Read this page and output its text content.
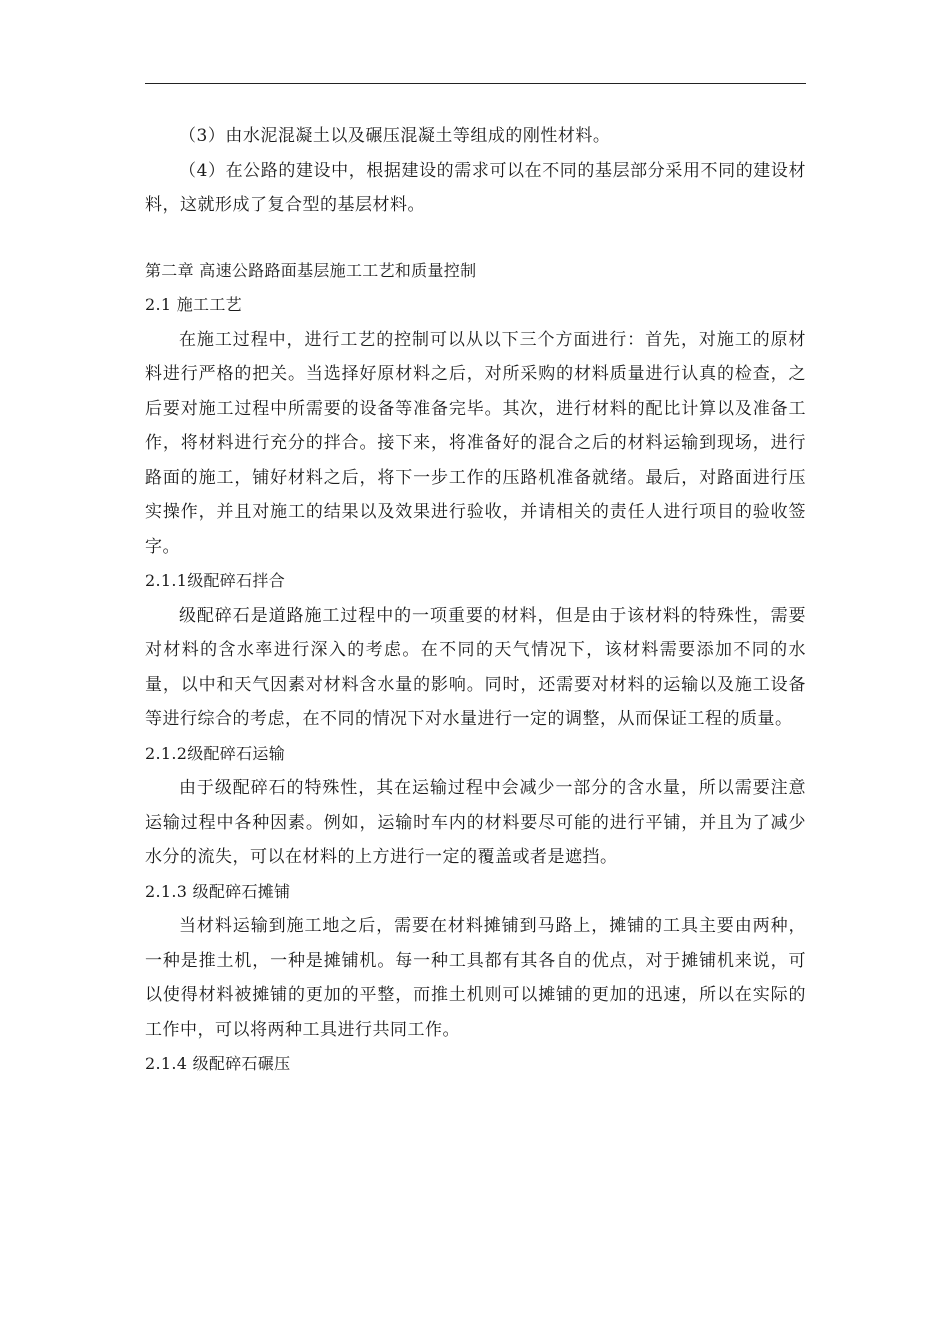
（3）由水泥混凝土以及碾压混凝土等组成的刚性材料。
（4）在公路的建设中，根据建设的需求可以在不同的基层部分采用不同的建设材料，这就形成了复合型的基层材料。
第二章 高速公路路面基层施工工艺和质量控制
2.1 施工工艺
在施工过程中，进行工艺的控制可以从以下三个方面进行：首先，对施工的原材料进行严格的把关。当选择好原材料之后，对所采购的材料质量进行认真的检查，之后要对施工过程中所需要的设备等准备完毕。其次，进行材料的配比计算以及准备工作，将材料进行充分的拌合。接下来，将准备好的混合之后的材料运输到现场，进行路面的施工，铺好材料之后，将下一步工作的压路机准备就绪。最后，对路面进行压实操作，并且对施工的结果以及效果进行验收，并请相关的责任人进行项目的验收签字。
2.1.1级配碎石拌合
级配碎石是道路施工过程中的一项重要的材料，但是由于该材料的特殊性，需要对材料的含水率进行深入的考虑。在不同的天气情况下，该材料需要添加不同的水量，以中和天气因素对材料含水量的影响。同时，还需要对材料的运输以及施工设备等进行综合的考虑，在不同的情况下对水量进行一定的调整，从而保证工程的质量。
2.1.2级配碎石运输
由于级配碎石的特殊性，其在运输过程中会减少一部分的含水量，所以需要注意运输过程中各种因素。例如，运输时车内的材料要尽可能的进行平铺，并且为了减少水分的流失，可以在材料的上方进行一定的覆盖或者是遮挡。
2.1.3 级配碎石摊铺
当材料运输到施工地之后，需要在材料摊铺到马路上，摊铺的工具主要由两种，一种是推土机，一种是摊铺机。每一种工具都有其各自的优点，对于摊铺机来说，可以使得材料被摊铺的更加的平整，而推土机则可以摊铺的更加的迅速，所以在实际的工作中，可以将两种工具进行共同工作。
2.1.4 级配碎石碾压
